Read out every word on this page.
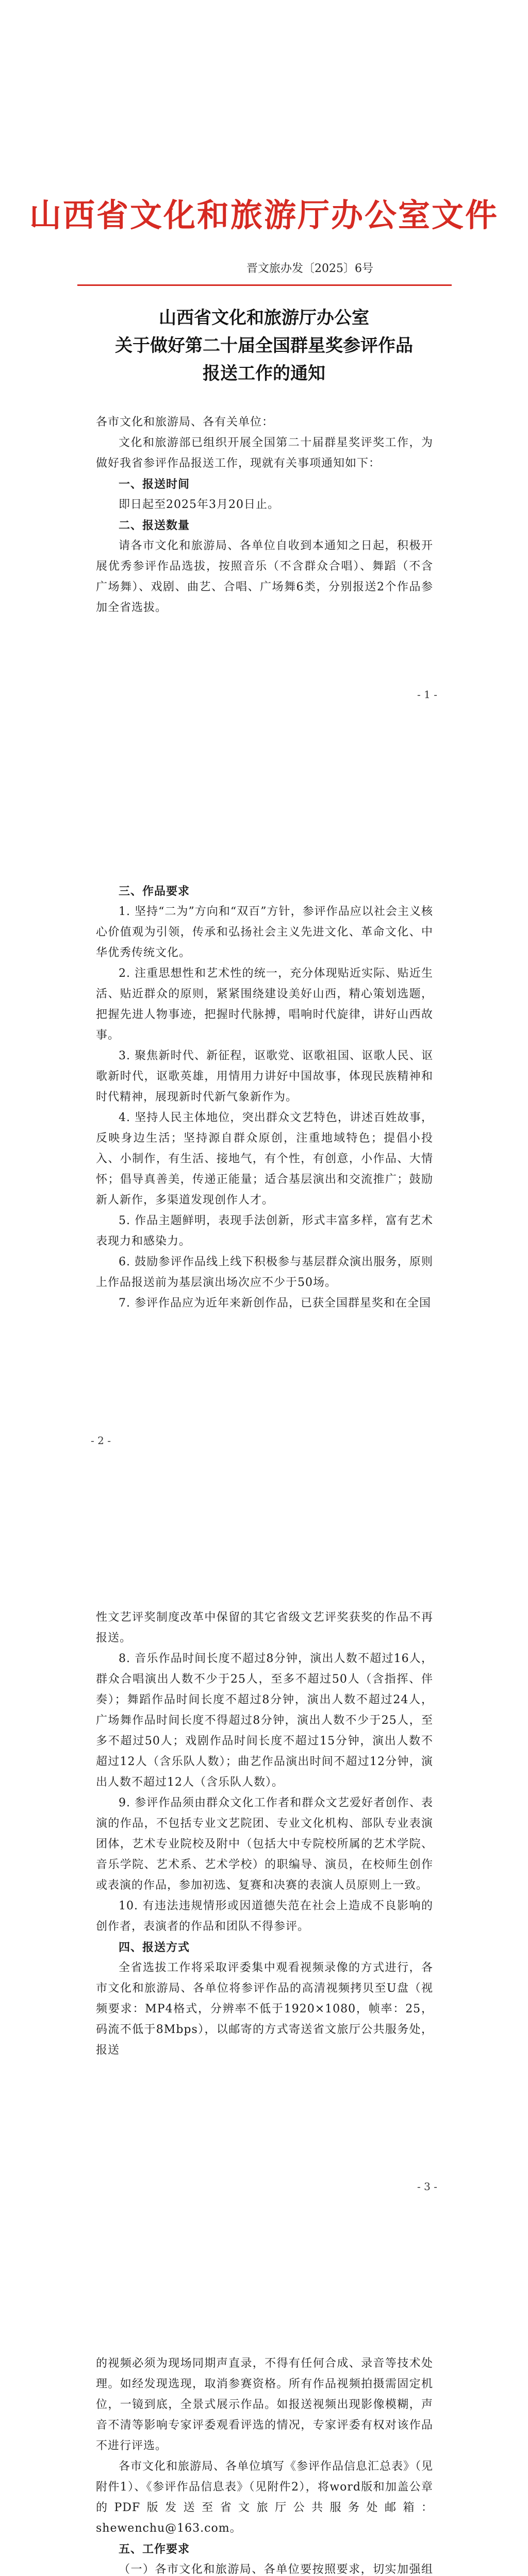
山西省文化和旅游厅办公室文件
晋文旅办发〔2025〕6号
山西省文化和旅游厅办公室
关于做好第二十届全国群星奖参评作品
报送工作的通知

各市文化和旅游局、各有关单位：

文化和旅游部已组织开展全国第二十届群星奖评奖工作，为做好我省参评作品报送工作，现就有关事项通知如下：

一、报送时间

即日起至2025年3月20日止。

二、报送数量

请各市文化和旅游局、各单位自收到本通知之日起，积极开展优秀参评作品选拔，按照音乐（不含群众合唱）、舞蹈（不含广场舞）、戏剧、曲艺、合唱、广场舞6类，分别报送2个作品参加全省选拔。

- 1 -

三、作品要求

1. 坚持“二为”方向和“双百”方针，参评作品应以社会主义核心价值观为引领，传承和弘扬社会主义先进文化、革命文化、中华优秀传统文化。

2. 注重思想性和艺术性的统一，充分体现贴近实际、贴近生活、贴近群众的原则，紧紧围绕建设美好山西，精心策划选题，把握先进人物事迹，把握时代脉搏，唱响时代旋律，讲好山西故事。

3. 聚焦新时代、新征程，讴歌党、讴歌祖国、讴歌人民、讴歌新时代，讴歌英雄，用情用力讲好中国故事，体现民族精神和时代精神，展现新时代新气象新作为。

4. 坚持人民主体地位，突出群众文艺特色，讲述百姓故事，反映身边生活；坚持源自群众原创，注重地域特色；提倡小投入、小制作，有生活、接地气，有个性，有创意，小作品、大情怀；倡导真善美，传递正能量；适合基层演出和交流推广；鼓励新人新作，多渠道发现创作人才。

5. 作品主题鲜明，表现手法创新，形式丰富多样，富有艺术表现力和感染力。

6. 鼓励参评作品线上线下积极参与基层群众演出服务，原则上作品报送前为基层演出场次应不少于50场。

7. 参评作品应为近年来新创作品，已获全国群星奖和在全国

- 2 -

性文艺评奖制度改革中保留的其它省级文艺评奖获奖的作品不再报送。

8. 音乐作品时间长度不超过8分钟，演出人数不超过16人，群众合唱演出人数不少于25人，至多不超过50人（含指挥、伴奏）；舞蹈作品时间长度不超过8分钟，演出人数不超过24人，广场舞作品时间长度不得超过8分钟，演出人数不少于25人，至多不超过50人；戏剧作品时间长度不超过15分钟，演出人数不超过12人（含乐队人数）；曲艺作品演出时间不超过12分钟，演出人数不超过12人（含乐队人数）。

9. 参评作品须由群众文化工作者和群众文艺爱好者创作、表演的作品，不包括专业文艺院团、专业文化机构、部队专业表演团体，艺术专业院校及附中（包括大中专院校所属的艺术学院、音乐学院、艺术系、艺术学校）的职编导、演员，在校师生创作或表演的作品，参加初选、复赛和决赛的表演人员原则上一致。

10. 有违法违规情形或因道德失范在社会上造成不良影响的创作者，表演者的作品和团队不得参评。

四、报送方式

全省选拔工作将采取评委集中观看视频录像的方式进行，各市文化和旅游局、各单位将参评作品的高清视频拷贝至U盘（视频要求：MP4格式，分辨率不低于1920×1080，帧率：25，码流不低于8Mbps），以邮寄的方式寄送省文旅厅公共服务处，报送

- 3 -

的视频必须为现场同期声直录，不得有任何合成、录音等技术处理。如经发现选现，取消参赛资格。所有作品视频拍摄需固定机位，一镜到底，全景式展示作品。如报送视频出现影像模糊，声音不清等影响专家评委观看评选的情况，专家评委有权对该作品不进行评选。

各市文化和旅游局、各单位填写《参评作品信息汇总表》（见附件1）、《参评作品信息表》（见附件2），将word版和加盖公章的PDF版发送至省文旅厅公共服务处邮箱：shewenchu@163.com。

五、工作要求

（一）各市文化和旅游局、各单位要按照要求，切实加强组
